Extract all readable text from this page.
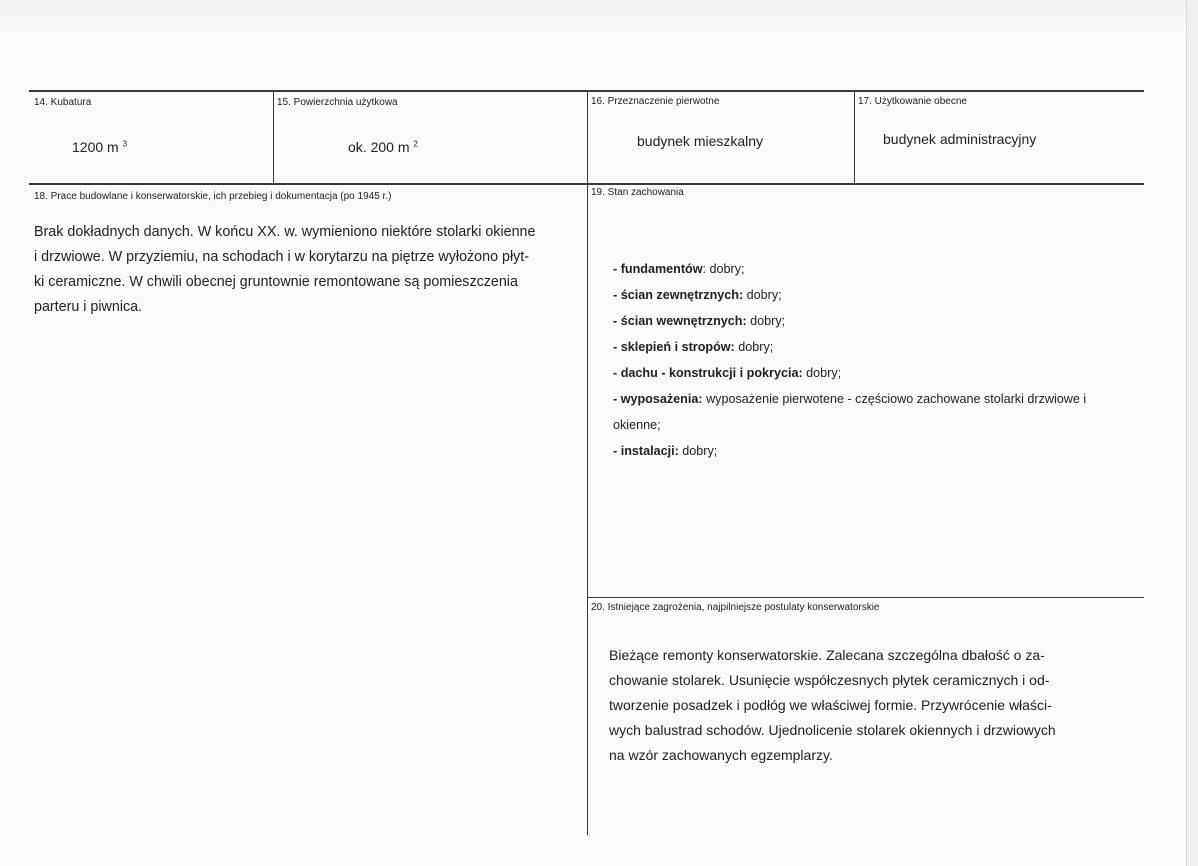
14. Kubatura
1200 m $^3$
15. Powierzchnia użytkowa
ok. 200 m $^2$
16. Przeznaczenie pierwotne
budynek mieszkalny
17. Użytkowanie obecne
budynek administracyjny
18. Prace budowlane i konserwatorskie, ich przebieg i dokumentacja (po 1945 r.)

Brak dokładnych danych. W końcu XX. w. wymieniono niektóre stolarki okienne

i drzwiowe. W przyziemiu, na schodach i w korytarzu na piętrze wyłożono płyt-

ki ceramiczne. W chwili obecnej gruntownie remontowane są pomieszczenia

parteru i piwnica.

19. Stan zachowania
- fundamentów: dobry;
- ścian zewnętrznych: dobry;
- ścian wewnętrznych: dobry;
- sklepień i stropów: dobry;
- dachu - konstrukcji i pokrycia: dobry;
- wyposażenia: wyposażenie pierwotene - częściowo zachowane stolarki drzwiowe i
okienne;
- instalacji: dobry;
20. Istniejące zagrożenia, najpilniejsze postulaty konserwatorskie

Bieżące remonty konserwatorskie. Zalecana szczególna dbałość o za-

chowanie stolarek. Usunięcie współczesnych płytek ceramicznych i od-

tworzenie posadzek i podłóg we właściwej formie. Przywrócenie właści-

wych balustrad schodów. Ujednolicenie stolarek okiennych i drzwiowych

na wzór zachowanych egzemplarzy.
